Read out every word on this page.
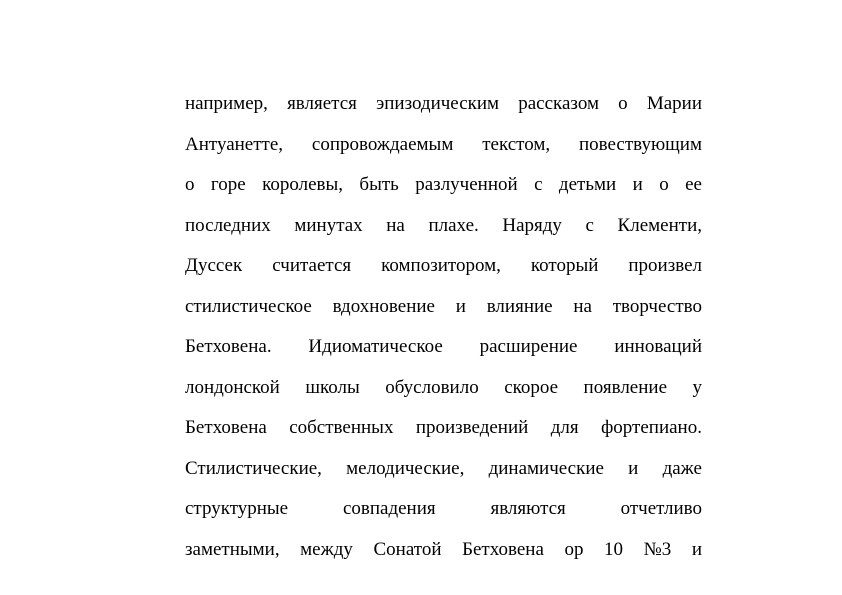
например, является эпизодическим рассказом о Марии
Антуанетте, сопровождаемым текстом, повествующим
о горе королевы, быть разлученной с детьми и о ее
последних минутах на плахе. Наряду с Клементи,
Дуссек считается композитором, который произвел
стилистическое вдохновение и влияние на творчество
Бетховена. Идиоматическое расширение инноваций
лондонской школы обусловило скорое появление у
Бетховена собственных произведений для фортепиано.
Стилистические, мелодические, динамические и даже
структурные совпадения являются отчетливо
заметными, между Сонатой Бетховена ор 10 №3 и
